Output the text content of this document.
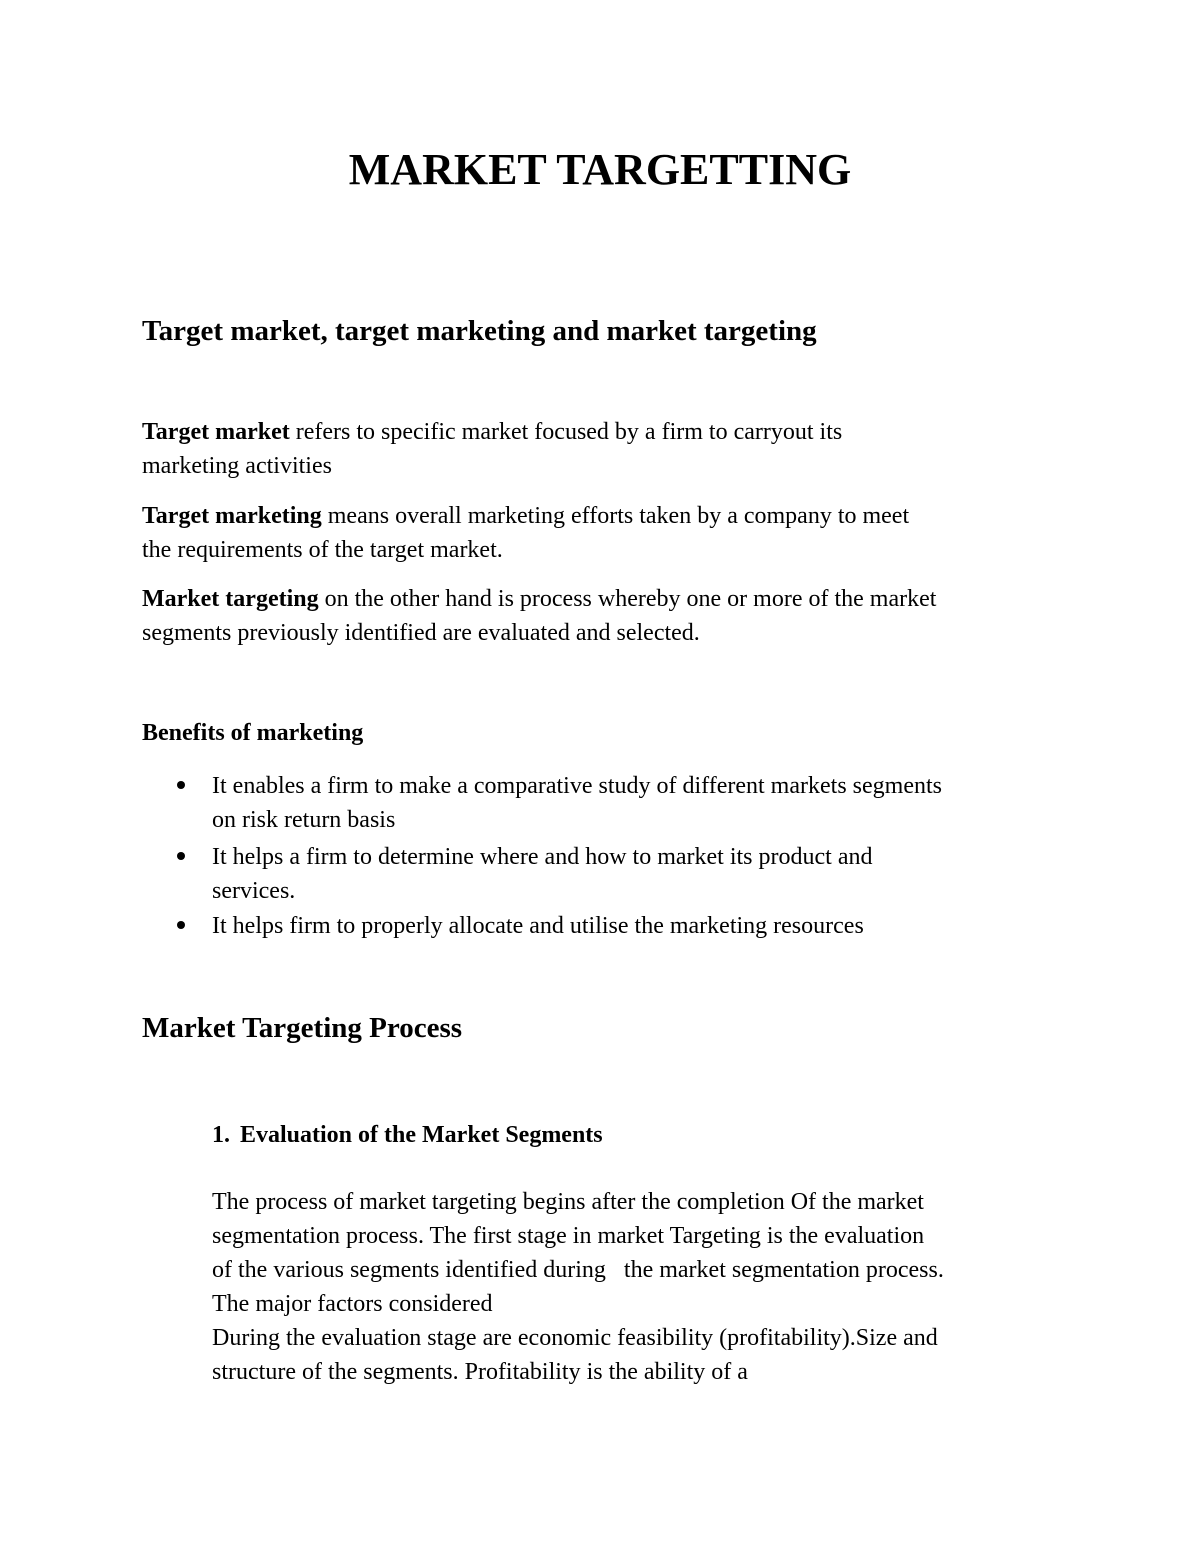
MARKET TARGETTING
Target market, target marketing and market targeting
Target market refers to specific market focused by a firm to carryout its
marketing activities
Target marketing means overall marketing efforts taken by a company to meet
the requirements of the target market.
Market targeting on the other hand is process whereby one or more of the market
segments previously identified are evaluated and selected.
Benefits of marketing
It enables a firm to make a comparative study of different markets segments
on risk return basis
It helps a firm to determine where and how to market its product and
services.
It helps firm to properly allocate and utilise the marketing resources
Market Targeting Process
1. Evaluation of the Market Segments
The process of market targeting begins after the completion Of the market
segmentation process. The first stage in market Targeting is the evaluation
of the various segments identified during   the market segmentation process.
The major factors considered
During the evaluation stage are economic feasibility (profitability).Size and
structure of the segments. Profitability is the ability of a
